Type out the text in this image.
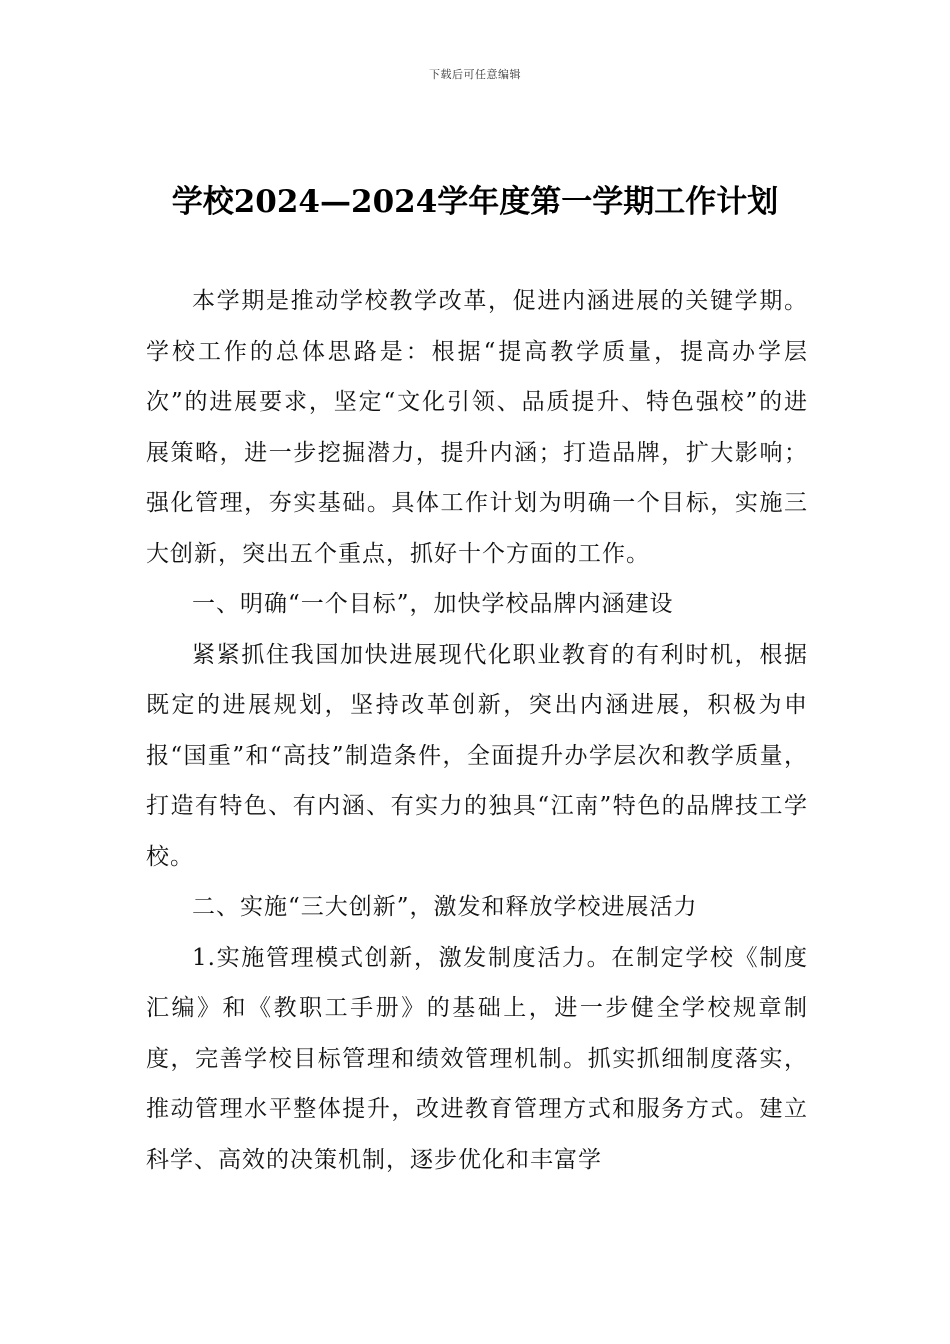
下载后可任意编辑
学校2024—2024学年度第一学期工作计划

本学期是推动学校教学改革，促进内涵进展的关键学期。学校工作的总体思路是：根据“提高教学质量，提高办学层次”的进展要求，坚定“文化引领、品质提升、特色强校”的进展策略，进一步挖掘潜力，提升内涵；打造品牌，扩大影响；强化管理，夯实基础。具体工作计划为明确一个目标，实施三大创新，突出五个重点，抓好十个方面的工作。

一、明确“一个目标”，加快学校品牌内涵建设

紧紧抓住我国加快进展现代化职业教育的有利时机，根据既定的进展规划，坚持改革创新，突出内涵进展，积极为申报“国重”和“高技”制造条件，全面提升办学层次和教学质量，打造有特色、有内涵、有实力的独具“江南”特色的品牌技工学校。

二、实施“三大创新”，激发和释放学校进展活力

1.实施管理模式创新，激发制度活力。在制定学校《制度汇编》和《教职工手册》的基础上，进一步健全学校规章制度，完善学校目标管理和绩效管理机制。抓实抓细制度落实，推动管理水平整体提升，改进教育管理方式和服务方式。建立科学、高效的决策机制，逐步优化和丰富学
